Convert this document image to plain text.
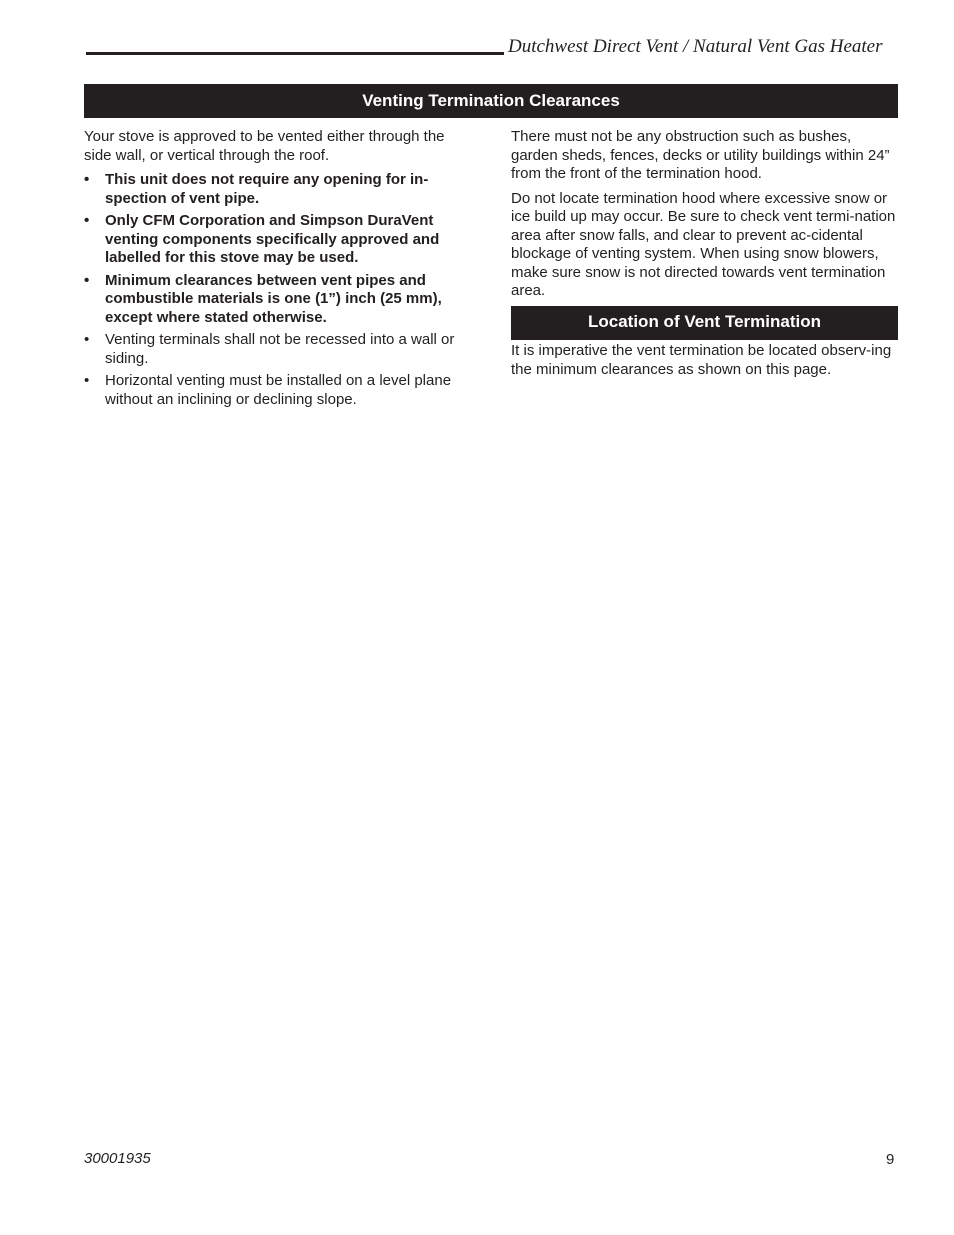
Dutchwest Direct Vent / Natural Vent Gas Heater
Venting Termination Clearances

Your stove is approved to be vented either through the side wall, or vertical through the roof.

•	This unit does not require any opening for in-spection of vent pipe.
•	Only CFM Corporation and Simpson DuraVent venting components specifically approved and labelled for this stove may be used.
•	Minimum clearances between vent pipes and combustible materials is one (1”) inch (25 mm), except where stated otherwise.
•	Venting terminals shall not be recessed into a wall or siding.
•	Horizontal venting must be installed on a level plane without an inclining or declining slope.

There must not be any obstruction such as bushes, garden sheds, fences, decks or utility buildings within 24” from the front of the termination hood.

Do not locate termination hood where excessive snow or ice build up may occur. Be sure to check vent termi-nation area after snow falls, and clear to prevent ac-cidental blockage of venting system. When using snow blowers, make sure snow is not directed towards vent termination area.

Location of Vent Termination

It is imperative the vent termination be located observ-ing the minimum clearances as shown on this page.

30001935	9
